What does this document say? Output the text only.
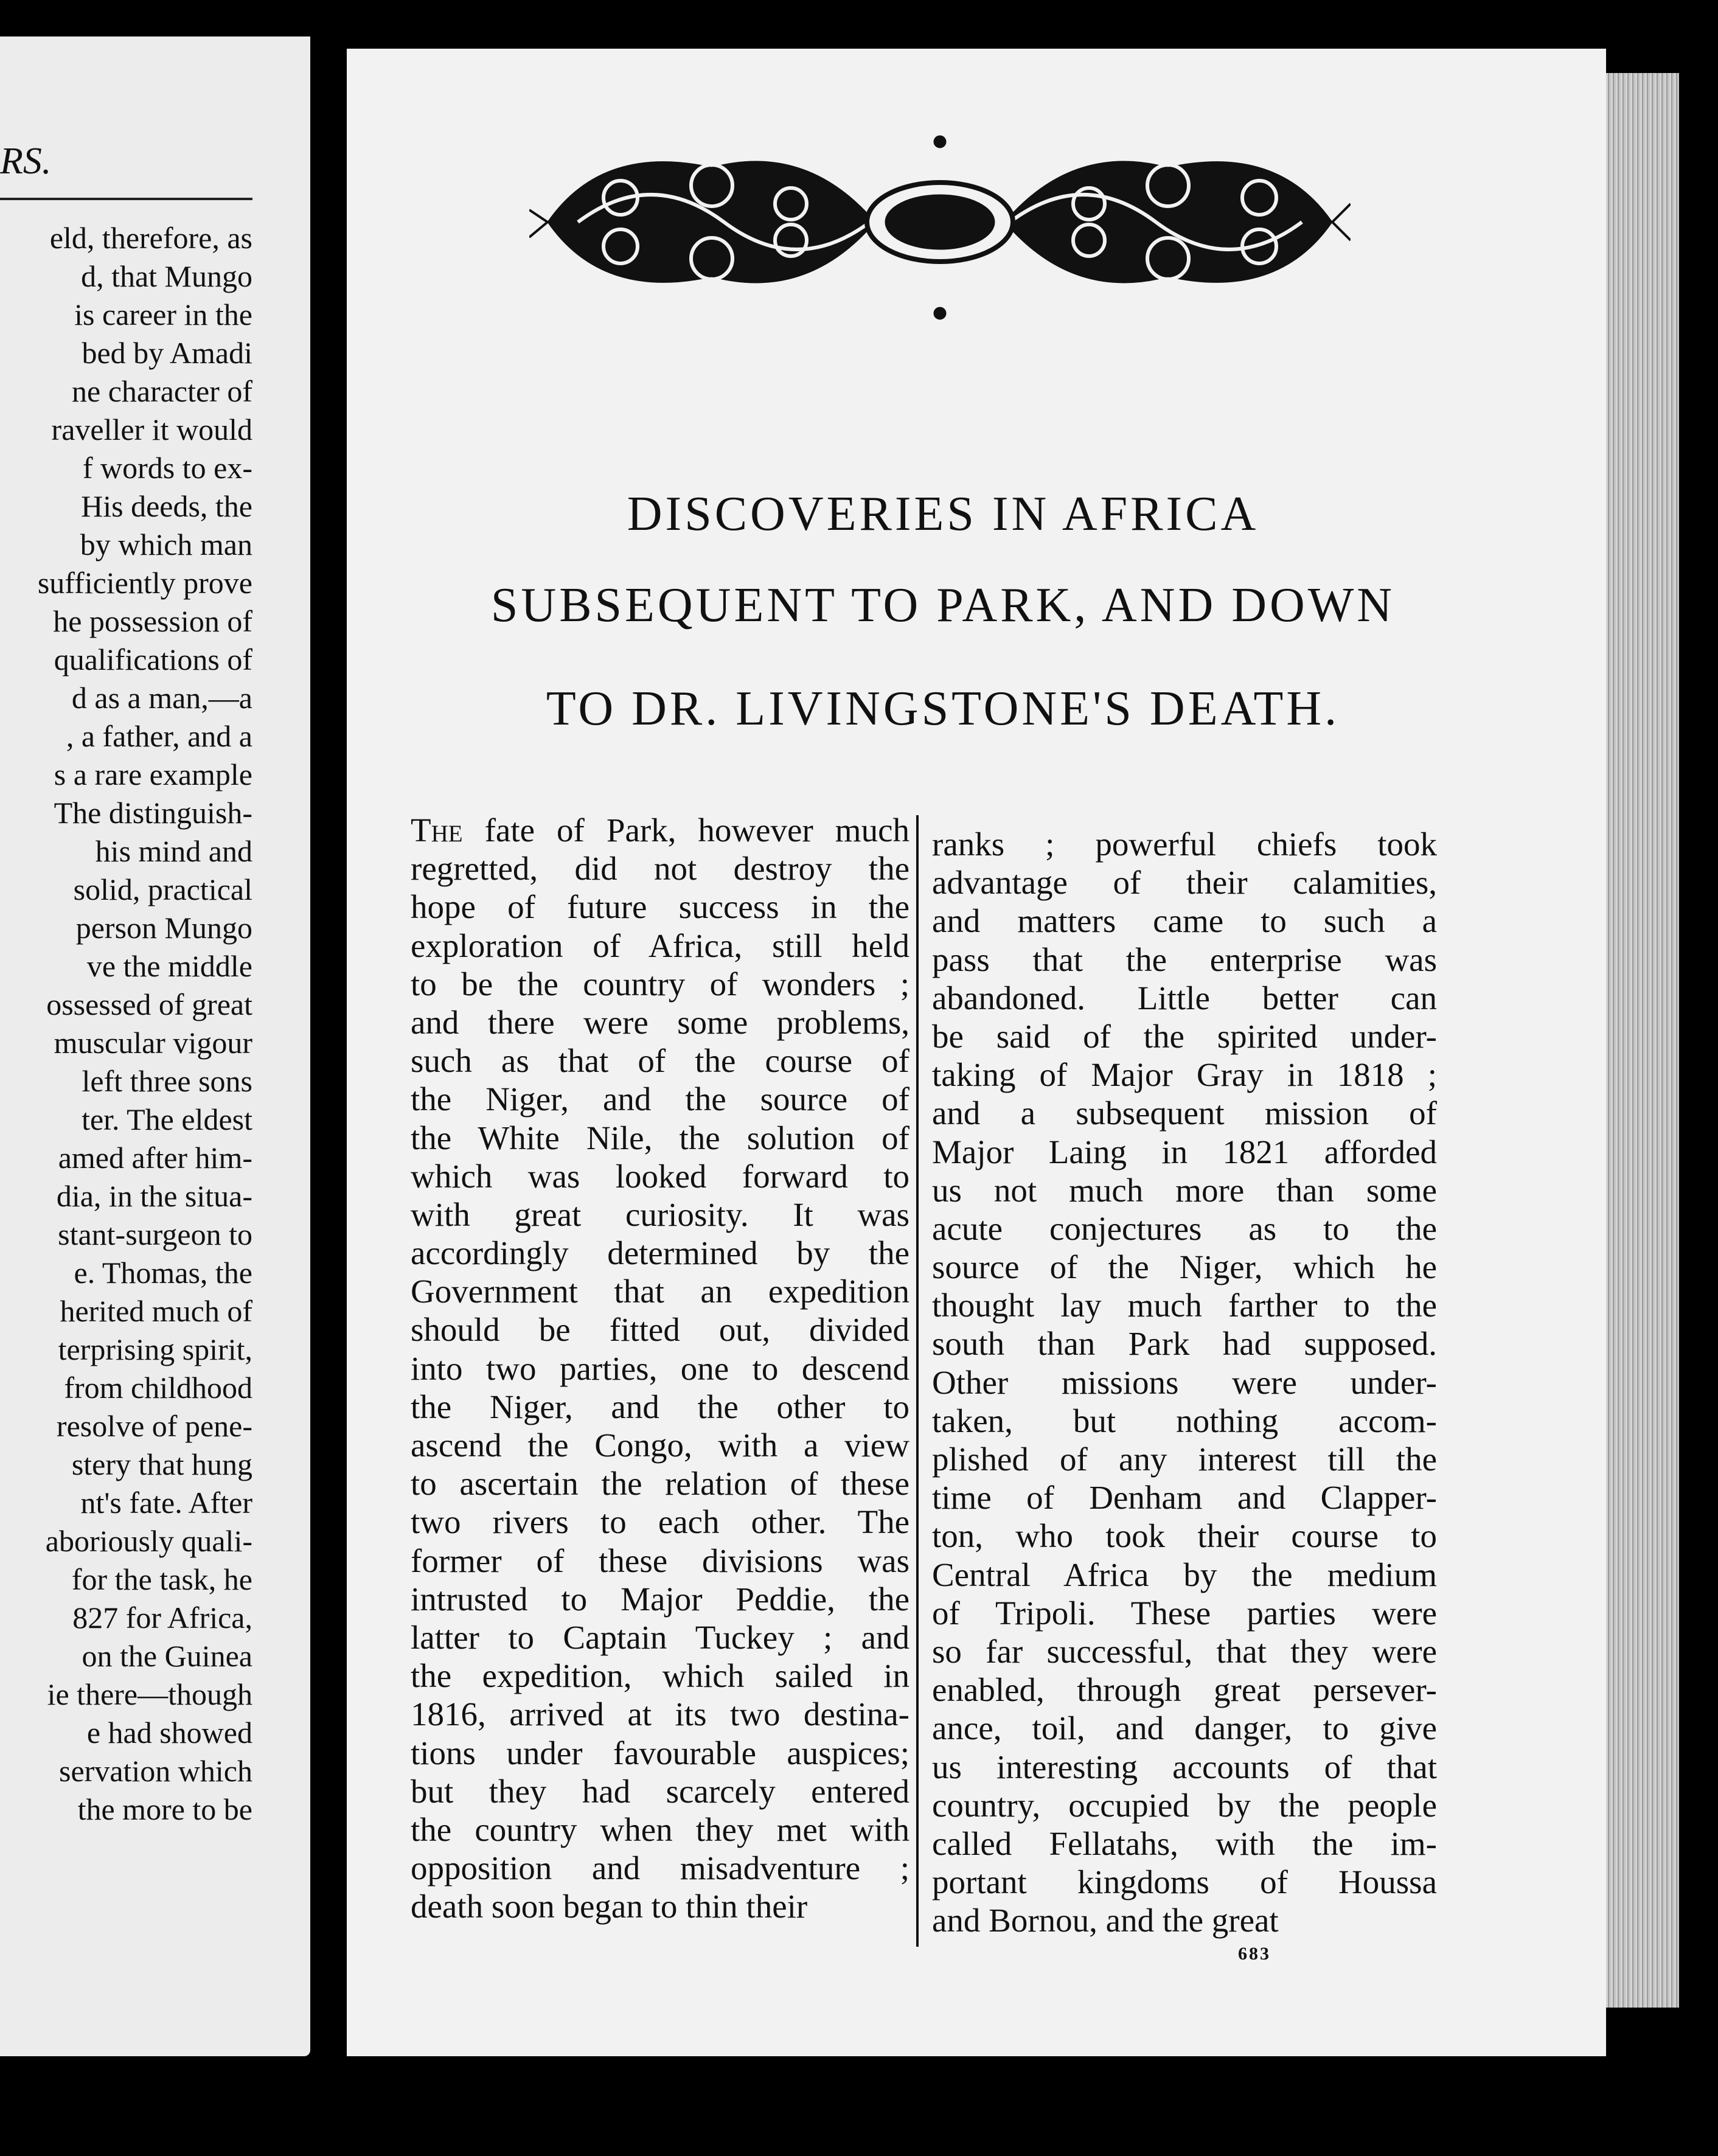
RS.
eld, therefore, as
d, that Mungo
is career in the
bed by Amadi
ne character of
raveller it would
f words to ex-
His deeds, the
by which man
sufficiently prove
he possession of
qualifications of
d as a man,—a
, a father, and a
s a rare example
The distinguish-
his mind and
solid, practical
person Mungo
ve the middle
ossessed of great
muscular vigour
left three sons
ter. The eldest
amed after him-
dia, in the situa-
stant-surgeon to
e. Thomas, the
herited much of
terprising spirit,
from childhood
resolve of pene-
stery that hung
nt's fate. After
aboriously quali-
for the task, he
827 for Africa,
on the Guinea
ie there—though
e had showed
servation which
the more to be
DISCOVERIES IN AFRICA
SUBSEQUENT TO PARK, AND DOWN
TO DR. LIVINGSTONE'S DEATH.
The fate of Park, however much
regretted, did not destroy the
hope of future success in the
exploration of Africa, still held
to be the country of wonders ;
and there were some problems,
such as that of the course of
the Niger, and the source of
the White Nile, the solution of
which was looked forward to
with great curiosity. It was
accordingly determined by the
Government that an expedition
should be fitted out, divided
into two parties, one to descend
the Niger, and the other to
ascend the Congo, with a view
to ascertain the relation of these
two rivers to each other. The
former of these divisions was
intrusted to Major Peddie, the
latter to Captain Tuckey ; and
the expedition, which sailed in
1816, arrived at its two destina-
tions under favourable auspices;
but they had scarcely entered
the country when they met with
opposition and misadventure ;
death soon began to thin their
ranks ; powerful chiefs took
advantage of their calamities,
and matters came to such a
pass that the enterprise was
abandoned. Little better can
be said of the spirited under-
taking of Major Gray in 1818 ;
and a subsequent mission of
Major Laing in 1821 afforded
us not much more than some
acute conjectures as to the
source of the Niger, which he
thought lay much farther to the
south than Park had supposed.
Other missions were under-
taken, but nothing accom-
plished of any interest till the
time of Denham and Clapper-
ton, who took their course to
Central Africa by the medium
of Tripoli. These parties were
so far successful, that they were
enabled, through great persever-
ance, toil, and danger, to give
us interesting accounts of that
country, occupied by the people
called Fellatahs, with the im-
portant kingdoms of Houssa
and Bornou, and the great
683
